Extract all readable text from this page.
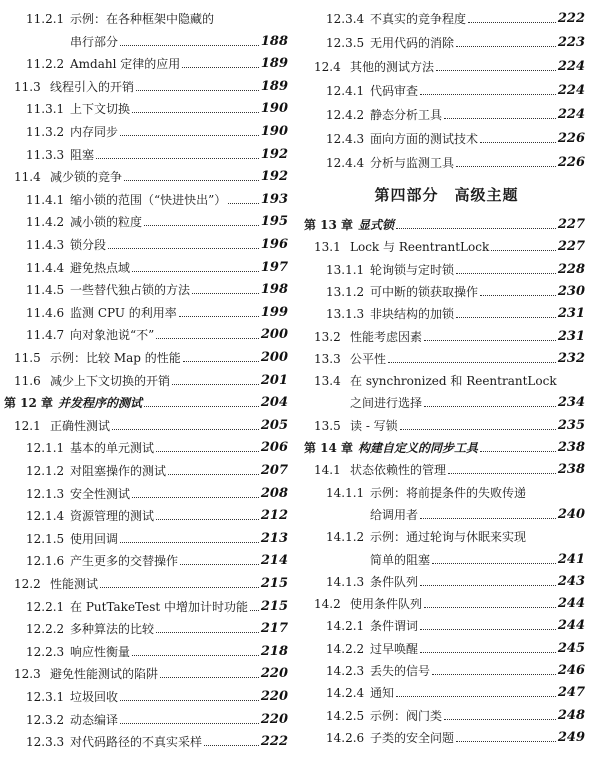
11.2.1 示例：在各种框架中隐藏的
串行部分	188
11.2.2 Amdahl 定律的应用	189
11.3 线程引入的开销	189
11.3.1 上下文切换	190
11.3.2 内存同步	190
11.3.3 阻塞	192
11.4 减少锁的竞争	192
11.4.1 缩小锁的范围（“快进快出”）	193
11.4.2 减小锁的粒度	195
11.4.3 锁分段	196
11.4.4 避免热点域	197
11.4.5 一些替代独占锁的方法	198
11.4.6 监测 CPU 的利用率	199
11.4.7 向对象池说“不”	200
11.5 示例：比较 Map 的性能	200
11.6 减少上下文切换的开销	201
第 12 章 并发程序的测试	204
12.1 正确性测试	205
12.1.1 基本的单元测试	206
12.1.2 对阻塞操作的测试	207
12.1.3 安全性测试	208
12.1.4 资源管理的测试	212
12.1.5 使用回调	213
12.1.6 产生更多的交替操作	214
12.2 性能测试	215
12.2.1 在 PutTakeTest 中增加计时功能 215
12.2.2 多种算法的比较	217
12.2.3 响应性衡量	218
12.3 避免性能测试的陷阱	220
12.3.1 垃圾回收	220
12.3.2 动态编译	220
12.3.3 对代码路径的不真实采样	222
第四部分　高级主题
12.3.4 不真实的竞争程度	222
12.3.5 无用代码的消除	223
12.4 其他的测试方法	224
12.4.1 代码审查	224
12.4.2 静态分析工具	224
12.4.3 面向方面的测试技术	226
12.4.4 分析与监测工具	226
第 13 章 显式锁	227
13.1 Lock 与 ReentrantLock	227
13.1.1 轮询锁与定时锁	228
13.1.2 可中断的锁获取操作	230
13.1.3 非块结构的加锁	231
13.2 性能考虑因素	231
13.3 公平性	232
13.4 在 synchronized 和 ReentrantLock
之间进行选择	234
13.5 读 - 写锁	235
第 14 章 构建自定义的同步工具	238
14.1 状态依赖性的管理	238
14.1.1 示例：将前提条件的失败传递
给调用者	240
14.1.2 示例：通过轮询与休眠来实现
简单的阻塞	241
14.1.3 条件队列	243
14.2 使用条件队列	244
14.2.1 条件谓词	244
14.2.2 过早唤醒	245
14.2.3 丢失的信号	246
14.2.4 通知	247
14.2.5 示例：阀门类	248
14.2.6 子类的安全问题	249
